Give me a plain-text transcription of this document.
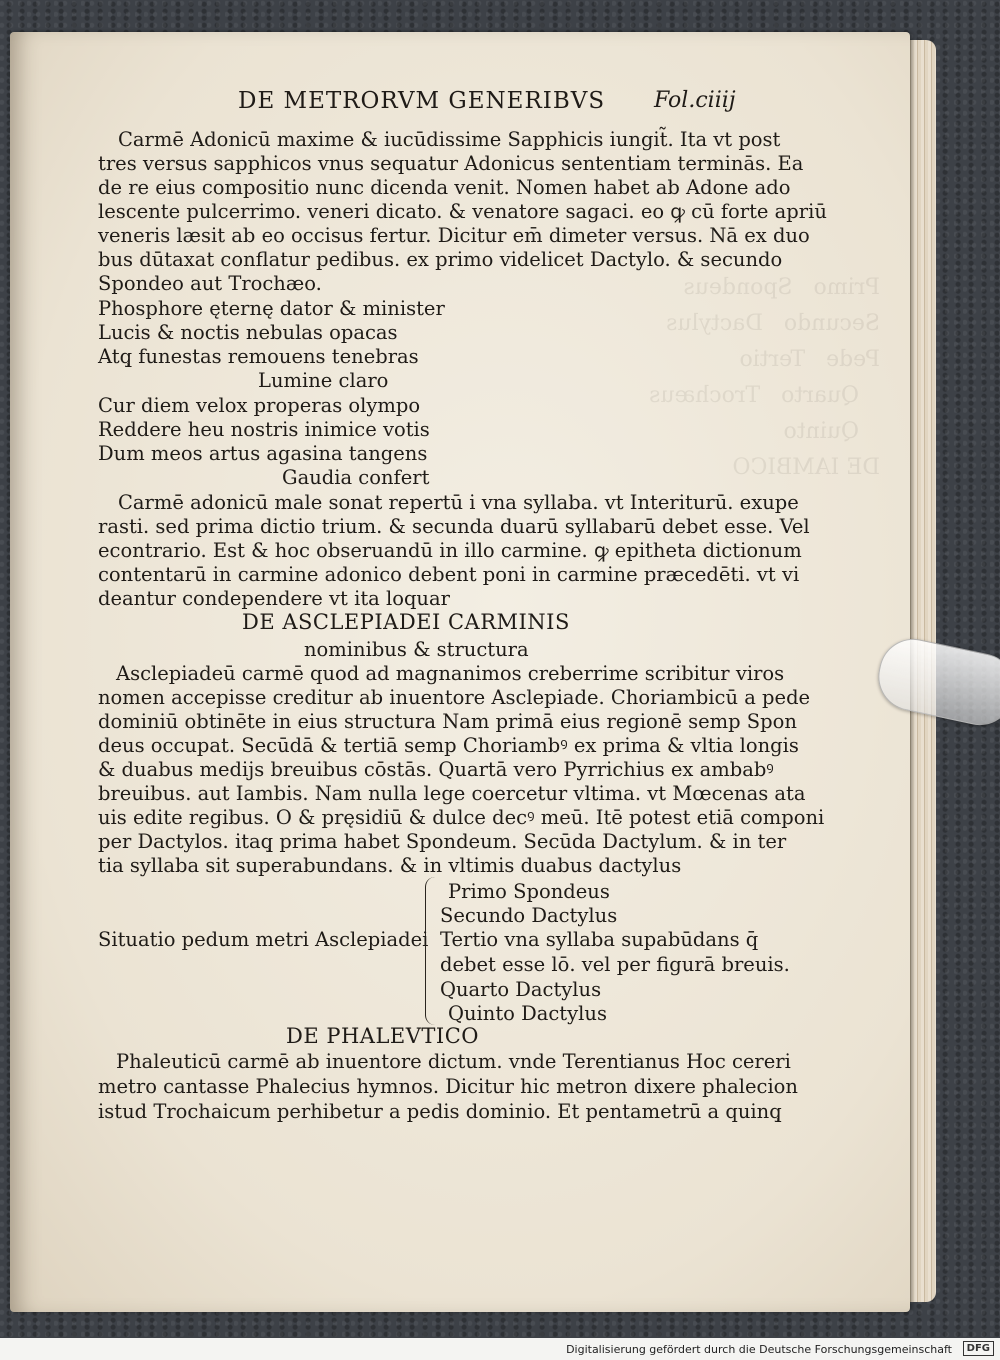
DE METRORVM GENERIBVS Fol.ciiij
Carmē Adonicū maxime & iucūdissime Sapphicis iungit̃. Ita vt post
tres versus sapphicos vnus sequatur Adonicus sententiam terminās. Ea
de re eius compositio nunc dicenda venit. Nomen habet ab Adone ado
lescente pulcerrimo. veneri dicato. & venatore sagaci. eo ꝙ cū forte apriū
veneris læsit ab eo occisus fertur. Dicitur em̄ dimeter versus. Nā ex duo
bus dūtaxat conflatur pedibus. ex primo videlicet Dactylo. & secundo
Spondeo aut Trochæo.
Phosphore ęternę dator & minister
Lucis & noctis nebulas opacas
Atq̧ funestas remouens tenebras
Lumine claro
Cur diem velox properas olympo
Reddere heu nostris inimice votis
Dum meos artus agasina tangens
Gaudia confert
Carmē adonicū male sonat repertū i vna syllaba. vt Interiturū. exupe
rasti. sed prima dictio trium. & secunda duarū syllabarū debet esse. Vel
econtrario. Est & hoc obseruandū in illo carmine. ꝙ epitheta dictionum
contentarū in carmine adonico debent poni in carmine præcedēti. vt vi
deantur condependere vt ita loquar
DE ASCLEPIADEI CARMINIS
nominibus & structura
Asclepiadeū carmē quod ad magnanimos creberrime scribitur viros
nomen accepisse creditur ab inuentore Asclepiade. Choriambicū a pede
dominiū obtinēte in eius structura Nam primā eius regionē semp Spon
deus occupat. Secūdā & tertiā semp Choriambꝰ ex prima & vltia longis
& duabus medijs breuibus cōstās. Quartā vero Pyrrichius ex ambabꝰ
breuibus. aut Iambis. Nam nulla lege coercetur vltima. vt Mœcenas ata
uis edite regibus. O & pręsidiū & dulce decꝰ meū. Itē potest etiā componi
per Dactylos. itaq̧ prima habet Spondeum. Secūda Dactylum. & in ter
tia syllaba sit superabundans. & in vltimis duabus dactylus
Situatio pedum metri Asclepiadei
Primo Spondeus
Secundo Dactylus
Tertio vna syllaba supabūdans q̄
debet esse lō. vel per figurā breuis.
Quarto Dactylus
Quinto Dactylus
DE PHALEVTICO
Phaleuticū carmē ab inuentore dictum. vnde Terentianus Hoc cereri
metro cantasse Phalecius hymnos. Dicitur hic metron dixere phalecion
istud Trochaicum perhibetur a pedis dominio. Et pentametrū a quinq̧
Digitalisierung gefördert durch die Deutsche Forschungsgemeinschaft	DFG
